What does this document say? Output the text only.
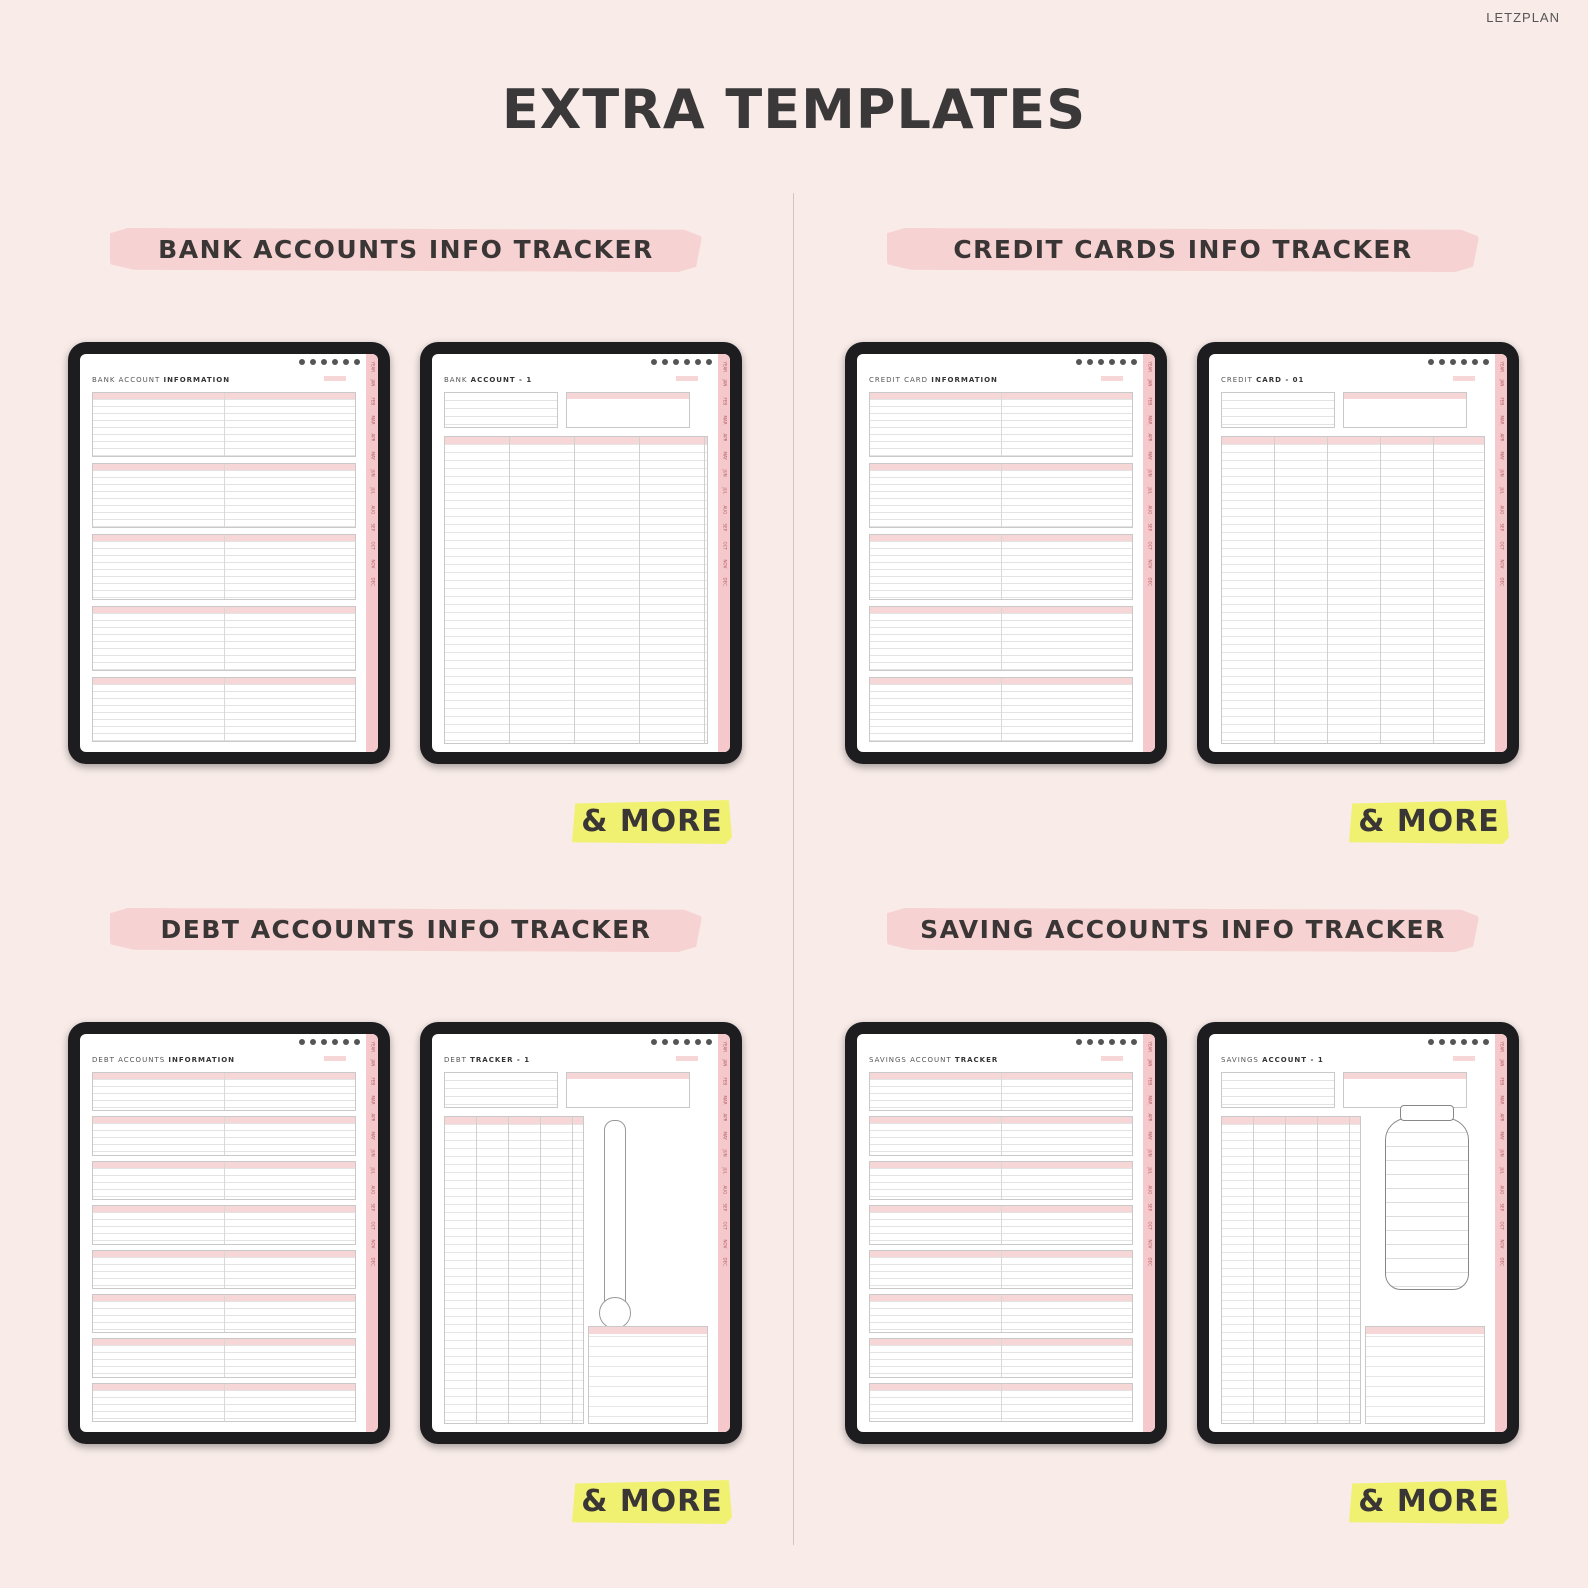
LETZPLAN
EXTRA TEMPLATES
BANK ACCOUNTS INFO TRACKER
BANK ACCOUNT INFORMATION
YEAR
JAN
FEB
MAR
APR
MAY
JUN
JUL
AUG
SEP
OCT
NOV
DEC
BANK ACCOUNT - 1
YEAR
JAN
FEB
MAR
APR
MAY
JUN
JUL
AUG
SEP
OCT
NOV
DEC
& MORE
CREDIT CARDS INFO TRACKER
CREDIT CARD INFORMATION
YEAR
JAN
FEB
MAR
APR
MAY
JUN
JUL
AUG
SEP
OCT
NOV
DEC
CREDIT CARD - 01
YEAR
JAN
FEB
MAR
APR
MAY
JUN
JUL
AUG
SEP
OCT
NOV
DEC
& MORE
DEBT ACCOUNTS INFO TRACKER
DEBT ACCOUNTS INFORMATION
YEAR
JAN
FEB
MAR
APR
MAY
JUN
JUL
AUG
SEP
OCT
NOV
DEC
DEBT TRACKER - 1
YEAR
JAN
FEB
MAR
APR
MAY
JUN
JUL
AUG
SEP
OCT
NOV
DEC
& MORE
SAVING ACCOUNTS INFO TRACKER
SAVINGS ACCOUNT TRACKER
YEAR
JAN
FEB
MAR
APR
MAY
JUN
JUL
AUG
SEP
OCT
NOV
DEC
SAVINGS ACCOUNT - 1
YEAR
JAN
FEB
MAR
APR
MAY
JUN
JUL
AUG
SEP
OCT
NOV
DEC
& MORE
